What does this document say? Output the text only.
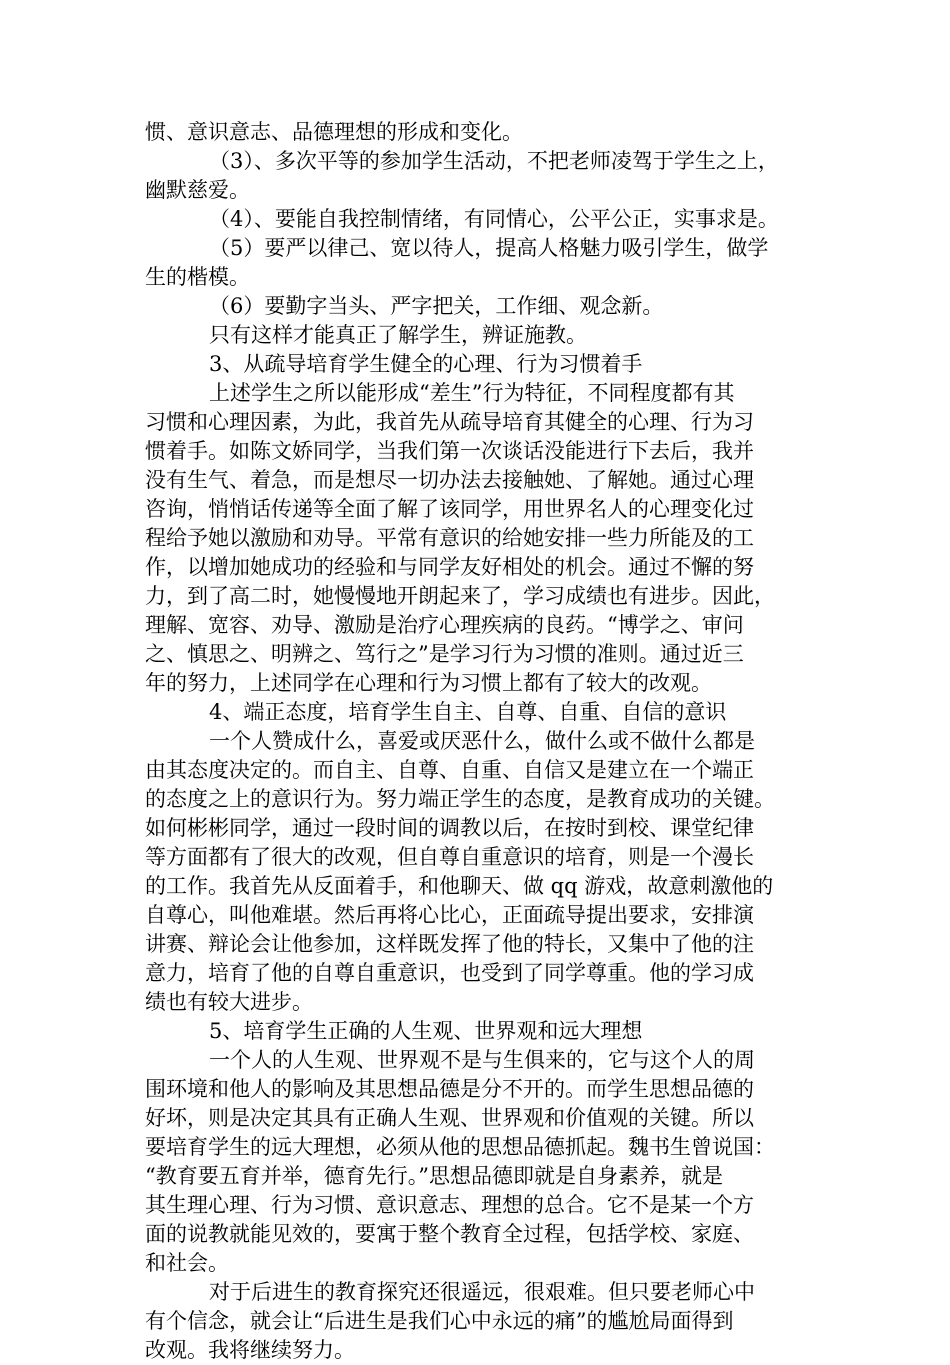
惯、意识意志、品德理想的形成和变化。
（3）、多次平等的参加学生活动，不把老师凌驾于学生之上，
幽默慈爱。
（4）、要能自我控制情绪，有同情心，公平公正，实事求是。
（5）要严以律己、宽以待人，提高人格魅力吸引学生，做学
生的楷模。
（6）要勤字当头、严字把关，工作细、观念新。
只有这样才能真正了解学生，辨证施教。
3、从疏导培育学生健全的心理、行为习惯着手
上述学生之所以能形成“差生”行为特征，不同程度都有其
习惯和心理因素，为此，我首先从疏导培育其健全的心理、行为习
惯着手。如陈文娇同学，当我们第一次谈话没能进行下去后，我并
没有生气、着急，而是想尽一切办法去接触她、了解她。通过心理
咨询，悄悄话传递等全面了解了该同学，用世界名人的心理变化过
程给予她以激励和劝导。平常有意识的给她安排一些力所能及的工
作，以增加她成功的经验和与同学友好相处的机会。通过不懈的努
力，到了高二时，她慢慢地开朗起来了，学习成绩也有进步。因此，
理解、宽容、劝导、激励是治疗心理疾病的良药。“博学之、审问
之、慎思之、明辨之、笃行之”是学习行为习惯的准则。通过近三
年的努力，上述同学在心理和行为习惯上都有了较大的改观。
4、端正态度，培育学生自主、自尊、自重、自信的意识
一个人赞成什么，喜爱或厌恶什么，做什么或不做什么都是
由其态度决定的。而自主、自尊、自重、自信又是建立在一个端正
的态度之上的意识行为。努力端正学生的态度，是教育成功的关键。
如何彬彬同学，通过一段时间的调教以后，在按时到校、课堂纪律
等方面都有了很大的改观，但自尊自重意识的培育，则是一个漫长
的工作。我首先从反面着手，和他聊天、做 qq 游戏，故意刺激他的
自尊心，叫他难堪。然后再将心比心，正面疏导提出要求，安排演
讲赛、辩论会让他参加，这样既发挥了他的特长，又集中了他的注
意力，培育了他的自尊自重意识，也受到了同学尊重。他的学习成
绩也有较大进步。
5、培育学生正确的人生观、世界观和远大理想
一个人的人生观、世界观不是与生俱来的，它与这个人的周
围环境和他人的影响及其思想品德是分不开的。而学生思想品德的
好坏，则是决定其具有正确人生观、世界观和价值观的关键。所以
要培育学生的远大理想，必须从他的思想品德抓起。魏书生曾说国：
“教育要五育并举，德育先行。”思想品德即就是自身素养，就是
其生理心理、行为习惯、意识意志、理想的总合。它不是某一个方
面的说教就能见效的，要寓于整个教育全过程，包括学校、家庭、
和社会。
对于后进生的教育探究还很遥远，很艰难。但只要老师心中
有个信念，就会让“后进生是我们心中永远的痛”的尴尬局面得到
改观。我将继续努力。
